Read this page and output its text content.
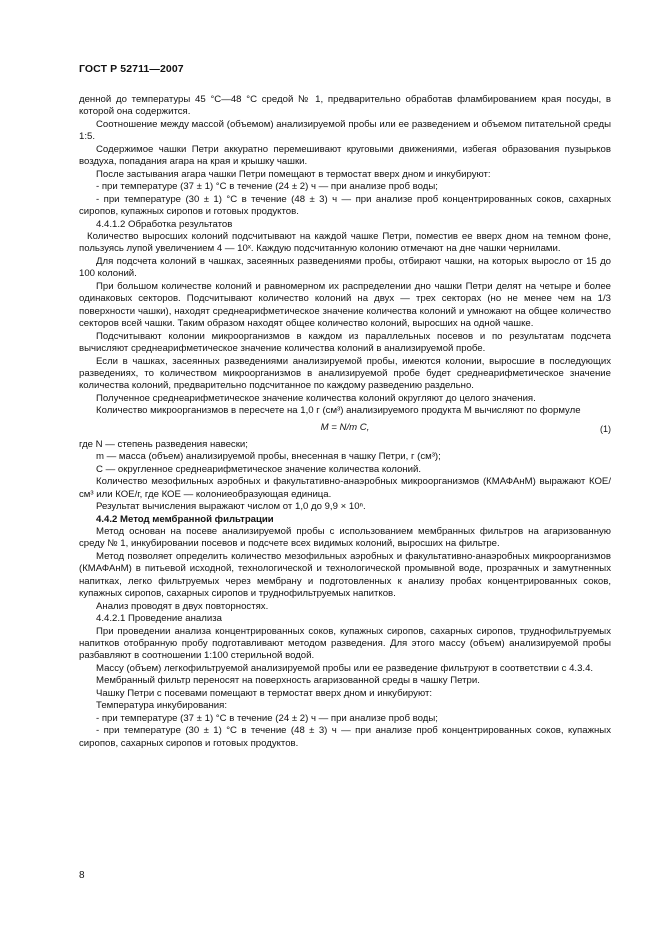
ГОСТ Р 52711—2007

денной до температуры 45 °С—48 °С средой № 1, предварительно обработав фламбированием края посуды, в которой она содержится.

Соотношение между массой (объемом) анализируемой пробы или ее разведением и объемом питательной среды 1:5.

Содержимое чашки Петри аккуратно перемешивают круговыми движениями, избегая образования пузырьков воздуха, попадания агара на края и крышку чашки.

После застывания агара чашки Петри помещают в термостат вверх дном и инкубируют:

- при температуре (37 ± 1) °С в течение (24 ± 2) ч — при анализе проб воды;

- при температуре (30 ± 1) °С в течение (48 ± 3) ч — при анализе проб концентрированных соков, сахарных сиропов, купажных сиропов и готовых продуктов.

4.4.1.2 Обработка результатов

Количество выросших колоний подсчитывают на каждой чашке Петри, поместив ее вверх дном на темном фоне, пользуясь лупой увеличением 4 — 10ˣ. Каждую подсчитанную колонию отмечают на дне чашки чернилами.

Для подсчета колоний в чашках, засеянных разведениями пробы, отбирают чашки, на которых выросло от 15 до 100 колоний.

При большом количестве колоний и равномерном их распределении дно чашки Петри делят на четыре и более одинаковых секторов. Подсчитывают количество колоний на двух — трех секторах (но не менее чем на 1/3 поверхности чашки), находят среднеарифметическое значение количества колоний и умножают на общее количество секторов всей чашки. Таким образом находят общее количество колоний, выросших на одной чашке.

Подсчитывают колонии микроорганизмов в каждом из параллельных посевов и по результатам подсчета вычисляют среднеарифметическое значение количества колоний в анализируемой пробе.

Если в чашках, засеянных разведениями анализируемой пробы, имеются колонии, выросшие в последующих разведениях, то количеством микроорганизмов в анализируемой пробе будет среднеарифметическое значение количества колоний, предварительно подсчитанное по каждому разведению раздельно.

Полученное среднеарифметическое значение количества колоний округляют до целого значения.

Количество микроорганизмов в пересчете на 1,0 г (см³) анализируемого продукта M вычисляют по формуле

M = N/m C,	(1)

где N — степень разведения навески;

m — масса (объем) анализируемой пробы, внесенная в чашку Петри, г (см³);

C — округленное среднеарифметическое значение количества колоний.

Количество мезофильных аэробных и факультативно-анаэробных микроорганизмов (КМАФАнМ) выражают КОЕ/см³ или КОЕ/г, где КОЕ — колониеобразующая единица.

Результат вычисления выражают числом от 1,0 до 9,9 × 10ⁿ.

4.4.2 Метод мембранной фильтрации

Метод основан на посеве анализируемой пробы с использованием мембранных фильтров на агаризованную среду № 1, инкубировании посевов и подсчете всех видимых колоний, выросших на фильтре.

Метод позволяет определить количество мезофильных аэробных и факультативно-анаэробных микроорганизмов (КМАФАнМ) в питьевой исходной, технологической и технологической промывной воде, прозрачных и замутненных напитках, легко фильтруемых через мембрану и подготовленных к анализу пробах концентрированных соков, купажных сиропов, сахарных сиропов и труднофильтруемых напитков.

Анализ проводят в двух повторностях.

4.4.2.1 Проведение анализа

При проведении анализа концентрированных соков, купажных сиропов, сахарных сиропов, труднофильтруемых напитков отобранную пробу подготавливают методом разведения. Для этого массу (объем) анализируемой пробы разбавляют в соотношении 1:100 стерильной водой.

Массу (объем) легкофильтруемой анализируемой пробы или ее разведение фильтруют в соответствии с 4.3.4.

Мембранный фильтр переносят на поверхность агаризованной среды в чашку Петри.

Чашку Петри с посевами помещают в термостат вверх дном и инкубируют:

Температура инкубирования:

- при температуре (37 ± 1) °С в течение (24 ± 2) ч — при анализе проб воды;

- при температуре (30 ± 1) °С в течение (48 ± 3) ч — при анализе проб концентрированных соков, купажных сиропов, сахарных сиропов и готовых продуктов.

8
